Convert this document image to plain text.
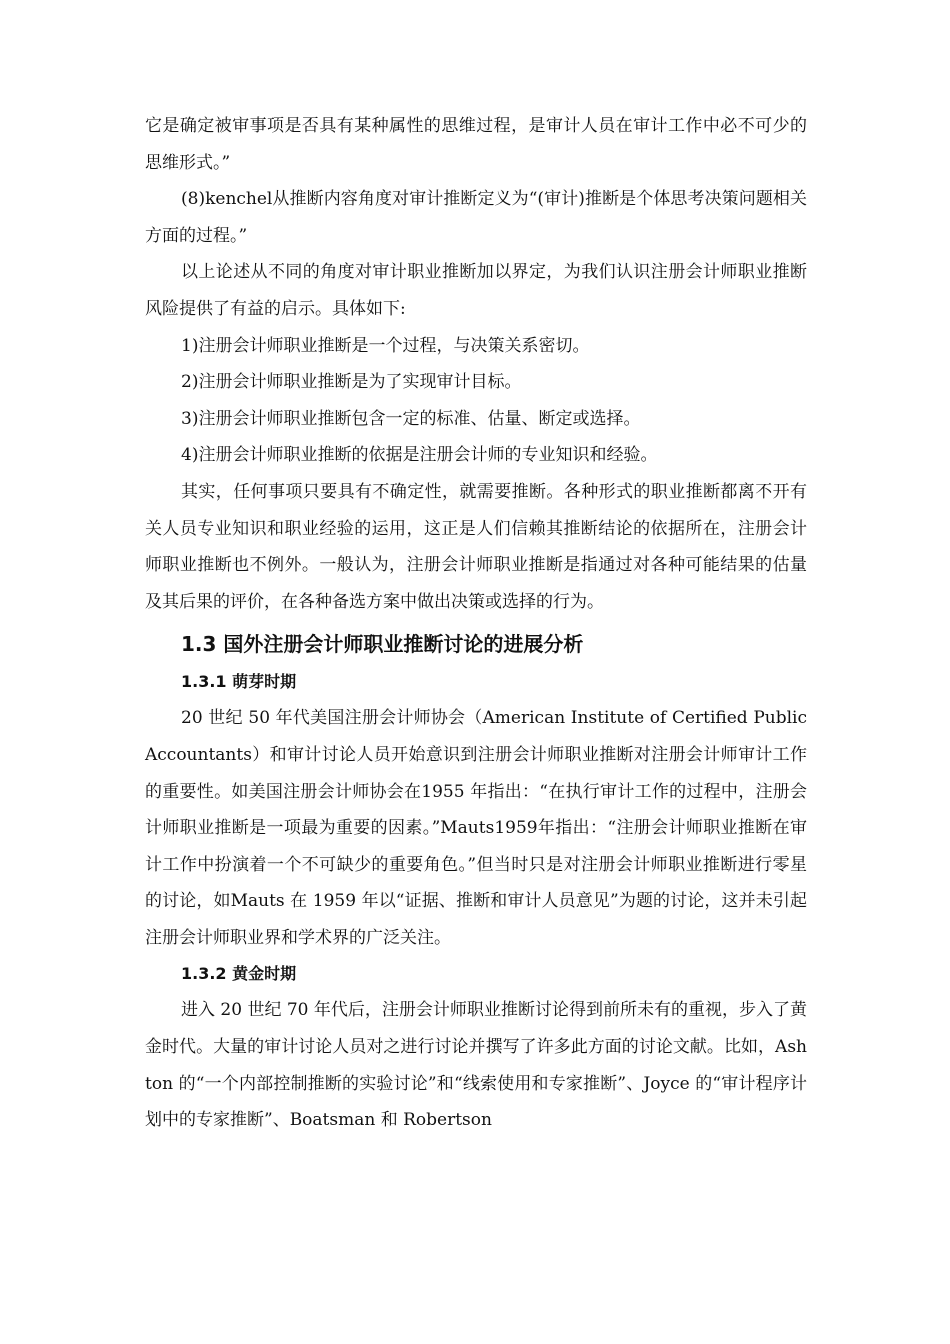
它是确定被审事项是否具有某种属性的思维过程，是审计人员在审计工作中必不可少的思维形式。”

(8)kenchel从推断内容角度对审计推断定义为“(审计)推断是个体思考决策问题相关方面的过程。”

以上论述从不同的角度对审计职业推断加以界定，为我们认识注册会计师职业推断风险提供了有益的启示。具体如下:

1)注册会计师职业推断是一个过程，与决策关系密切。

2)注册会计师职业推断是为了实现审计目标。

3)注册会计师职业推断包含一定的标准、估量、断定或选择。

4)注册会计师职业推断的依据是注册会计师的专业知识和经验。

其实，任何事项只要具有不确定性，就需要推断。各种形式的职业推断都离不开有关人员专业知识和职业经验的运用，这正是人们信赖其推断结论的依据所在，注册会计师职业推断也不例外。一般认为，注册会计师职业推断是指通过对各种可能结果的估量及其后果的评价，在各种备选方案中做出决策或选择的行为。

1.3 国外注册会计师职业推断讨论的进展分析
1.3.1 萌芽时期

20 世纪 50 年代美国注册会计师协会（American Institute of Certified Public Accountants）和审计讨论人员开始意识到注册会计师职业推断对注册会计师审计工作的重要性。如美国注册会计师协会在1955 年指出：“在执行审计工作的过程中，注册会计师职业推断是一项最为重要的因素。”Mauts1959年指出：“注册会计师职业推断在审计工作中扮演着一个不可缺少的重要角色。”但当时只是对注册会计师职业推断进行零星的讨论，如Mauts 在 1959 年以“证据、推断和审计人员意见”为题的讨论，这并未引起注册会计师职业界和学术界的广泛关注。

1.3.2 黄金时期

进入 20 世纪 70 年代后，注册会计师职业推断讨论得到前所未有的重视，步入了黄金时代。大量的审计讨论人员对之进行讨论并撰写了许多此方面的讨论文献。比如，Ashton 的“一个内部控制推断的实验讨论”和“线索使用和专家推断”、Joyce 的“审计程序计划中的专家推断”、Boatsman 和 Robertson
